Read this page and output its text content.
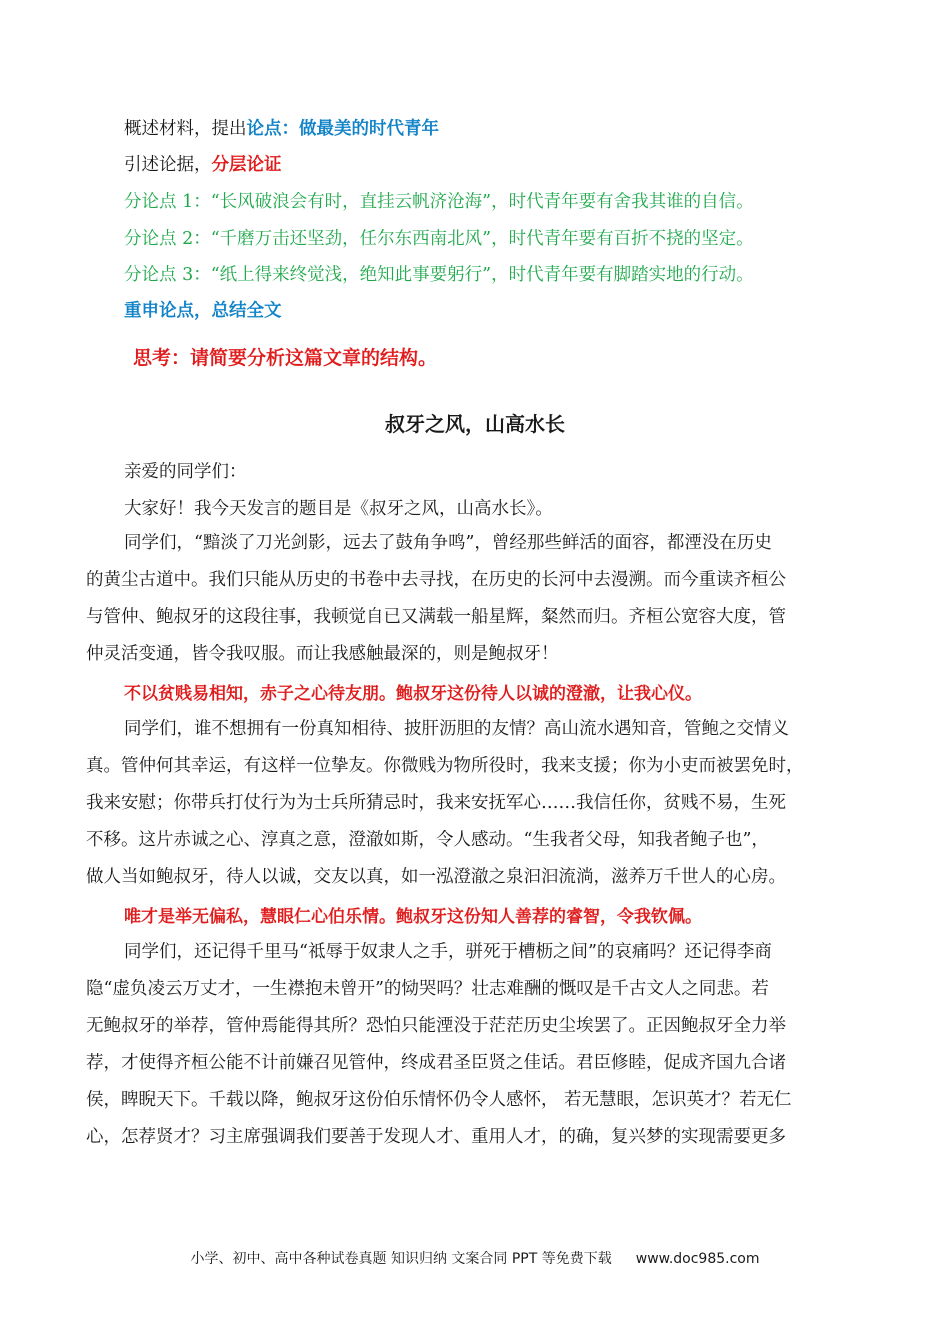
概述材料，提出论点：做最美的时代青年
引述论据，分层论证
分论点 1：“长风破浪会有时，直挂云帆济沧海”，时代青年要有舍我其谁的自信。
分论点 2：“千磨万击还坚劲，任尔东西南北风”，时代青年要有百折不挠的坚定。
分论点 3：“纸上得来终觉浅，绝知此事要躬行”，时代青年要有脚踏实地的行动。
重申论点，总结全文
思考：请简要分析这篇文章的结构。
叔牙之风，山高水长
亲爱的同学们：
大家好！我今天发言的题目是《叔牙之风，山高水长》。
同学们，“黯淡了刀光剑影，远去了鼓角争鸣”，曾经那些鲜活的面容，都湮没在历史
的黄尘古道中。我们只能从历史的书卷中去寻找，在历史的长河中去漫溯。而今重读齐桓公
与管仲、鲍叔牙的这段往事，我顿觉自已又满载一船星辉，粲然而归。齐桓公宽容大度，管
仲灵活变通，皆令我叹服。而让我感触最深的，则是鲍叔牙！
不以贫贱易相知，赤子之心待友朋。鲍叔牙这份待人以诚的澄澈，让我心仪。
同学们，谁不想拥有一份真知相待、披肝沥胆的友情？高山流水遇知音，管鲍之交情义
真。管仲何其幸运，有这样一位挚友。你微贱为物所役时，我来支援；你为小吏而被罢免时，
我来安慰；你带兵打仗行为为士兵所猜忌时，我来安抚军心……我信任你，贫贱不易，生死
不移。这片赤诚之心、淳真之意，澄澈如斯，令人感动。“生我者父母，知我者鲍子也”，
做人当如鲍叔牙，待人以诚，交友以真，如一泓澄澈之泉汩汩流淌，滋养万千世人的心房。
唯才是举无偏私，慧眼仁心伯乐情。鲍叔牙这份知人善荐的睿智，令我钦佩。
同学们，还记得千里马“祗辱于奴隶人之手，骈死于槽枥之间”的哀痛吗？还记得李商
隐“虚负凌云万丈才，一生襟抱未曾开”的恸哭吗？壮志难酬的慨叹是千古文人之同悲。若
无鲍叔牙的举荐，管仲焉能得其所？恐怕只能湮没于茫茫历史尘埃罢了。正因鲍叔牙全力举
荐，才使得齐桓公能不计前嫌召见管仲，终成君圣臣贤之佳话。君臣修睦，促成齐国九合诸
侯，睥睨天下。千载以降，鲍叔牙这份伯乐情怀仍令人感怀， 若无慧眼，怎识英才？若无仁
心，怎荐贤才？习主席强调我们要善于发现人才、重用人才，的确，复兴梦的实现需要更多
小学、初中、高中各种试卷真题 知识归纳 文案合同 PPT 等免费下载 www.doc985.com
